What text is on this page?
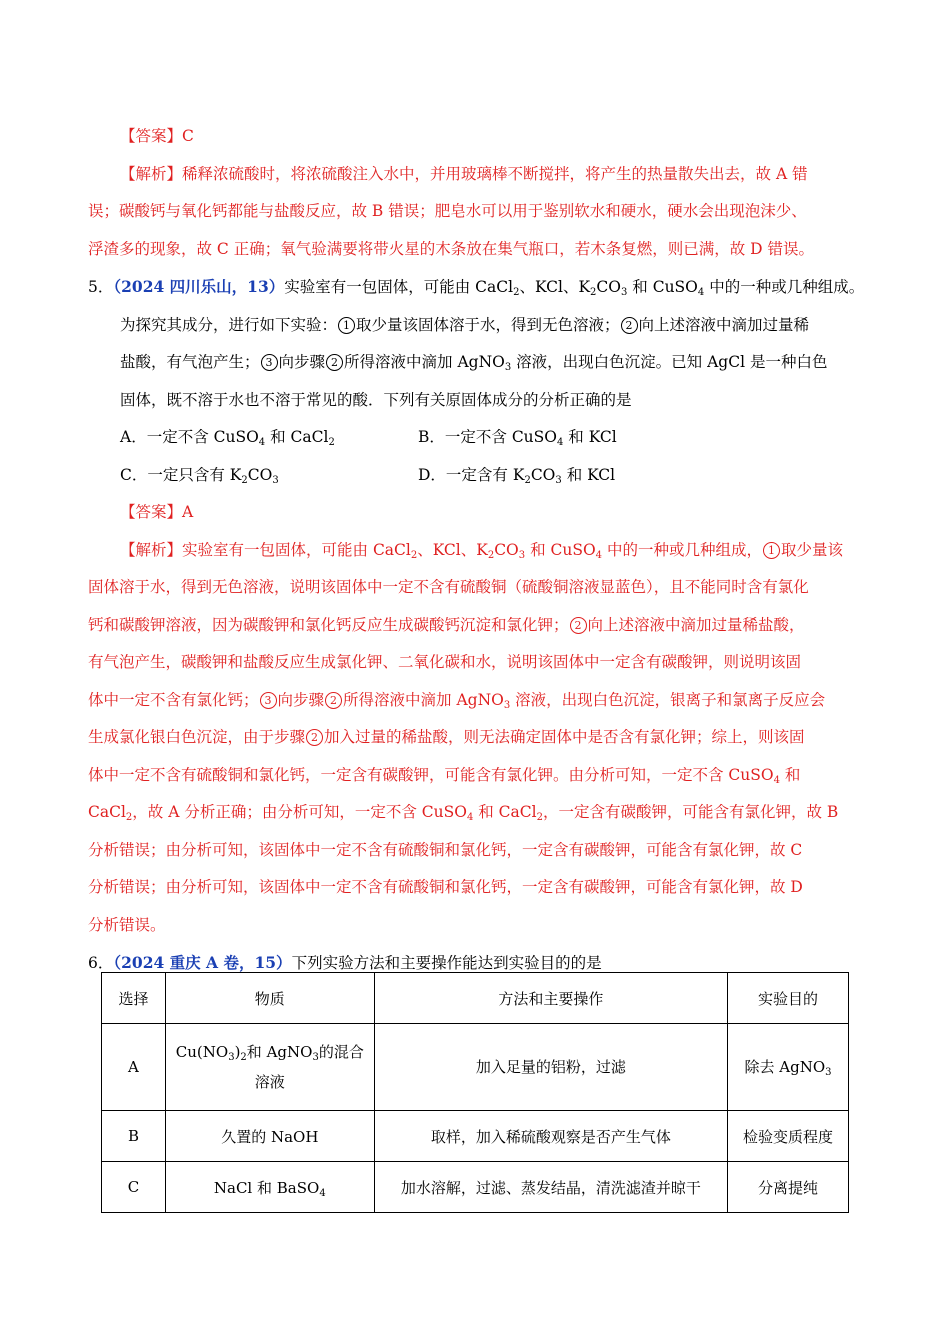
【答案】C

【解析】稀释浓硫酸时，将浓硫酸注入水中，并用玻璃棒不断搅拌，将产生的热量散失出去，故 A 错

误；碳酸钙与氧化钙都能与盐酸反应，故 B 错误；肥皂水可以用于鉴别软水和硬水，硬水会出现泡沫少、

浮渣多的现象，故 C 正确；氧气验满要将带火星的木条放在集气瓶口，若木条复燃，则已满，故 D 错误。

5．（2024 四川乐山，13）实验室有一包固体，可能由 CaCl$_2$、KCl、$K_2CO_3$ 和 CuSO$_4$ 中的一种或几种组成。

为探究其成分，进行如下实验： 1 取少量该固体溶于水，得到无色溶液； 2 向上述溶液中滴加过量稀

盐酸，有气泡产生； 3 向步骤 2 所得溶液中滴加 AgNO$_3$ 溶液，出现白色沉淀。已知 AgCl 是一种白色

固体，既不溶于水也不溶于常见的酸．下列有关原固体成分的分析正确的是

A．一定不含 CuSO$_4$ 和 CaCl$_2$	B．一定不含 CuSO$_4$ 和 KCl
C．一定只含有 $K_2CO_3$	D．一定含有 $K_2CO_3$ 和 KCl

【答案】A

【解析】实验室有一包固体，可能由 CaCl$_2$、KCl、$K_2CO_3$ 和 CuSO$_4$ 中的一种或几种组成， 1 取少量该

固体溶于水，得到无色溶液，说明该固体中一定不含有硫酸铜（硫酸铜溶液显蓝色），且不能同时含有氯化

钙和碳酸钾溶液，因为碳酸钾和氯化钙反应生成碳酸钙沉淀和氯化钾； 2 向上述溶液中滴加过量稀盐酸，

有气泡产生，碳酸钾和盐酸反应生成氯化钾、二氧化碳和水，说明该固体中一定含有碳酸钾，则说明该固

体中一定不含有氯化钙； 3 向步骤 2 所得溶液中滴加 AgNO$_3$ 溶液，出现白色沉淀，银离子和氯离子反应会

生成氯化银白色沉淀，由于步骤 2 加入过量的稀盐酸，则无法确定固体中是否含有氯化钾；综上，则该固

体中一定不含有硫酸铜和氯化钙，一定含有碳酸钾，可能含有氯化钾。由分析可知，一定不含 CuSO$_4$ 和

CaCl$_2$，故 A 分析正确；由分析可知，一定不含 CuSO$_4$ 和 CaCl$_2$，一定含有碳酸钾，可能含有氯化钾，故 B

分析错误；由分析可知，该固体中一定不含有硫酸铜和氯化钙，一定含有碳酸钾，可能含有氯化钾，故 C

分析错误；由分析可知，该固体中一定不含有硫酸铜和氯化钙，一定含有碳酸钾，可能含有氯化钾，故 D

分析错误。

6．（2024 重庆 A 卷，15）下列实验方法和主要操作能达到实验目的的是

选择	物质	方法和主要操作	实验目的
A	$Cu(NO_3)_2$和 AgNO$_3$的混合
溶液	加入足量的铝粉，过滤	除去 AgNO$_3$
B	久置的 NaOH	取样，加入稀硫酸观察是否产生气体	检验变质程度
C	NaCl 和 BaSO$_4$	加水溶解，过滤、蒸发结晶，清洗滤渣并晾干	分离提纯
